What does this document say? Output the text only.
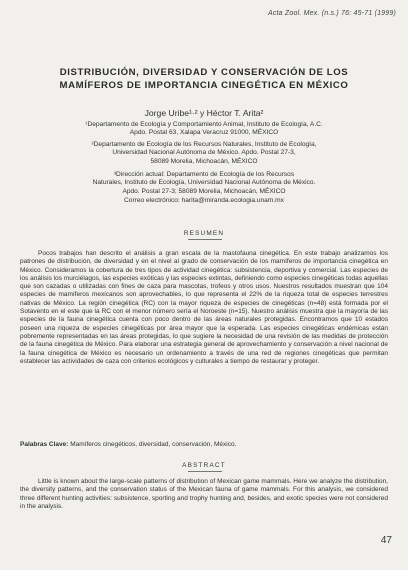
Acta Zool. Mex. (n.s.) 76: 45-71 (1999)
DISTRIBUCIÓN, DIVERSIDAD Y CONSERVACIÓN DE LOS
MAMÍFEROS DE IMPORTANCIA CINEGÉTICA EN MÉXICO
Jorge Uribe¹·² y Héctor T. Arita²
¹Departamento de Ecología y Comportamiento Animal, Instituto de Ecología, A.C.
Apdo. Postal 63, Xalapa Veracruz 91000, MÉXICO
²Departamento de Ecología de los Recursos Naturales, Instituto de Ecología,
Universidad Nacional Autónoma de México. Apdo. Postal 27-3,
58089 Morelia, Michoacán, MÉXICO
³Dirección actual: Departamento de Ecología de los Recursos
Naturales, Instituto de Ecología, Universidad Nacional Autónoma de México.
Apdo. Postal 27-3; 58089 Morelia, Michoacán, MÉXICO
Correo electrónico: harita@miranda.ecologia.unam.mx
RESUMEN

Pocos trabajos han descrito el análisis a gran escala de la mastofauna cinegética. En este trabajo analizamos los patrones de distribución, de diversidad y en el nivel al grado de conservación de los mamíferos de importancia cinegética en México. Consideramos la cobertura de tres tipos de actividad cinegética: subsistencia, deportiva y comercial. Las especies de los análisis los murciélagos, las especies exóticas y las especies extintas, definiendo como especies cinegéticas todas aquellas que son cazadas o utilizadas con fines de caza para mascotas, trofeos y otros usos. Nuestros resultados muestran que 104 especies de mamíferos mexicanos son aprovechables, lo que representa el 22% de la riqueza total de especies terrestres nativas de México. La región cinegética (RC) con la mayor riqueza de especies de cinegéticas (n=48) está formada por el Sotavento en el este que la RC con el menor número sería el Noroeste (n=15). Nuestro análisis muestra que la mayoría de las especies de la fauna cinegética cuenta con poco dentro de las áreas naturales protegidas. Encontramos que 10 estados poseen una riqueza de especies cinegéticas por área mayor que la esperada. Las especies cinegéticas endémicas están pobremente representadas en las áreas protegidas, lo que sugiere la necesidad de una revisión de las medidas de protección de la fauna cinegética de México. Para elaborar una estrategia general de aprovechamiento y conservación a nivel nacional de la fauna cinegética de México es necesario un ordenamiento a través de una red de regiones cinegéticas que permitan establecer las actividades de caza con criterios ecológicos y culturales a tiempo de restaurar y proteger.

Palabras Clave: Mamíferos cinegéticos, diversidad, conservación, México.
ABSTRACT

Little is known about the large-scale patterns of distribution of Mexican game mammals. Here we analyze the distribution, the diversity patterns, and the conservation status of the Mexican fauna of game mammals. For this analysis, we considered three different hunting activities: subsistence, sporting and trophy hunting and, besides, and exotic species were not considered in the analysis.

47
